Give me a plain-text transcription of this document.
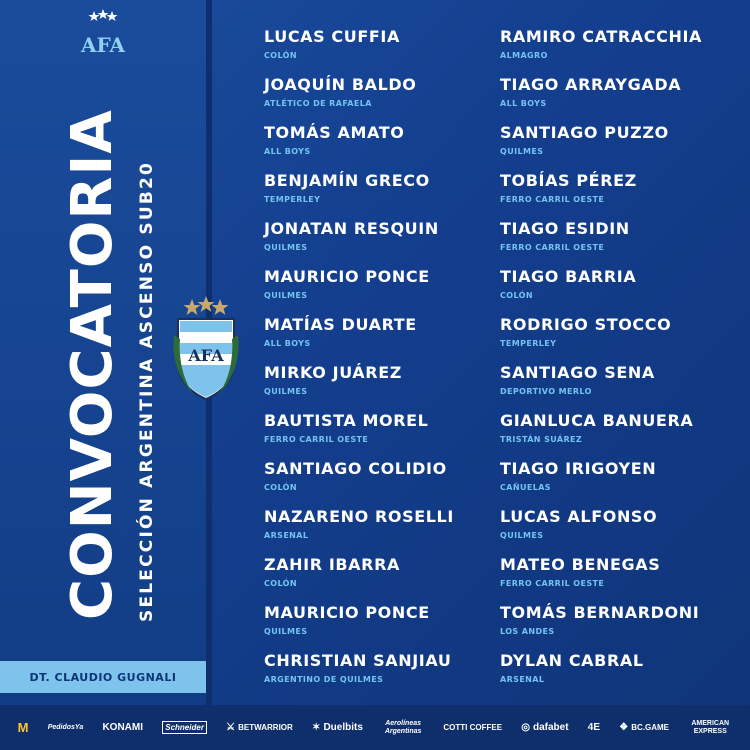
AFA
CONVOCATORIA SELECCIÓN ARGENTINA ASCENSO SUB20 AFA
DT. CLAUDIO GUGNALI
LUCAS CUFFIA
COLÓN
JOAQUÍN BALDO
ATLÉTICO DE RAFAELA
TOMÁS AMATO
ALL BOYS
BENJAMÍN GRECO
TEMPERLEY
JONATAN RESQUIN
QUILMES
MAURICIO PONCE
QUILMES
MATÍAS DUARTE
ALL BOYS
MIRKO JUÁREZ
QUILMES
BAUTISTA MOREL
FERRO CARRIL OESTE
SANTIAGO COLIDIO
COLÓN
NAZARENO ROSELLI
ARSENAL
ZAHIR IBARRA
COLÓN
MAURICIO PONCE
QUILMES
CHRISTIAN SANJIAU
ARGENTINO DE QUILMES
RAMIRO CATRACCHIA
ALMAGRO
TIAGO ARRAYGADA
ALL BOYS
SANTIAGO PUZZO
QUILMES
TOBÍAS PÉREZ
FERRO CARRIL OESTE
TIAGO ESIDIN
FERRO CARRIL OESTE
TIAGO BARRIA
COLÓN
RODRIGO STOCCO
TEMPERLEY
SANTIAGO SENA
DEPORTIVO MERLO
GIANLUCA BANUERA
TRISTÁN SUÁREZ
TIAGO IRIGOYEN
CAÑUELAS
LUCAS ALFONSO
QUILMES
MATEO BENEGAS
FERRO CARRIL OESTE
TOMÁS BERNARDONI
LOS ANDES
DYLAN CABRAL
ARSENAL
M	PedidosYa KONAMI	Schneider	⚔ BETWARRIOR ✶ Duelbits	Aerolíneas Argentinas	COTTI COFFEE ◎ dafabet 4E ❖ BC.GAME	AMERICAN EXPRESS
